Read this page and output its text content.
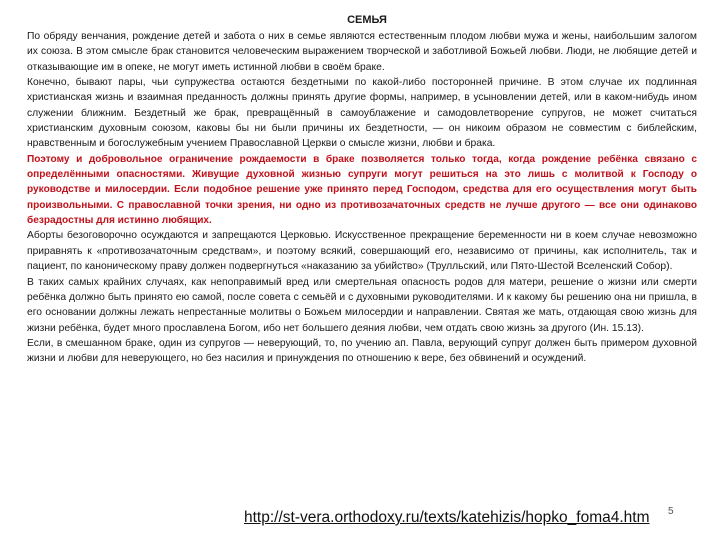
СЕМЬЯ

По обряду венчания, рождение детей и забота о них в семье являются естественным плодом любви мужа и жены, наибольшим залогом их союза. В этом смысле брак становится человеческим выражением творческой и заботливой Божьей любви. Люди, не любящие детей и отказывающие им в опеке, не могут иметь истинной любви в своём браке.

Конечно, бывают пары, чьи супружества остаются бездетными по какой-либо посторонней причине. В этом случае их подлинная христианская жизнь и взаимная преданность должны принять другие формы, например, в усыновлении детей, или в каком-нибудь ином служении ближним. Бездетный же брак, превращённый в самоублажение и самодовлетворение супругов, не может считаться христианским духовным союзом, каковы бы ни были причины их бездетности, — он никоим образом не совместим с библейским, нравственным и богослужебным учением Православной Церкви о смысле жизни, любви и брака.

Поэтому и добровольное ограничение рождаемости в браке позволяется только тогда, когда рождение ребёнка связано с определёнными опасностями. Живущие духовной жизнью супруги могут решиться на это лишь с молитвой к Господу о руководстве и милосердии. Если подобное решение уже принято перед Господом, средства для его осуществления могут быть произвольными. С православной точки зрения, ни одно из противозачаточных средств не лучше другого — все они одинаково безрадостны для истинно любящих.

Аборты безоговорочно осуждаются и запрещаются Церковью. Искусственное прекращение беременности ни в коем случае невозможно приравнять к «противозачаточным средствам», и поэтому всякий, совершающий его, независимо от причины, как исполнитель, так и пациент, по каноническому праву должен подвергнуться «наказанию за убийство» (Трулльский, или Пято-Шестой Вселенский Собор).

В таких самых крайних случаях, как непоправимый вред или смертельная опасность родов для матери, решение о жизни или смерти ребёнка должно быть принято ею самой, после совета с семьёй и с духовными руководителями. И к какому бы решению она ни пришла, в его основании должны лежать непрестанные молитвы о Божьем милосердии и направлении. Святая же мать, отдающая свою жизнь для жизни ребёнка, будет много прославлена Богом, ибо нет большего деяния любви, чем отдать свою жизнь за другого (Ин. 15.13).

Если, в смешанном браке, один из супругов — неверующий, то, по учению ап. Павла, верующий супруг должен быть примером духовной жизни и любви для неверующего, но без насилия и принуждения по отношению к вере, без обвинений и осуждений.

http://st-vera.orthodoxy.ru/texts/katehizis/hopko_foma4.htm 5
